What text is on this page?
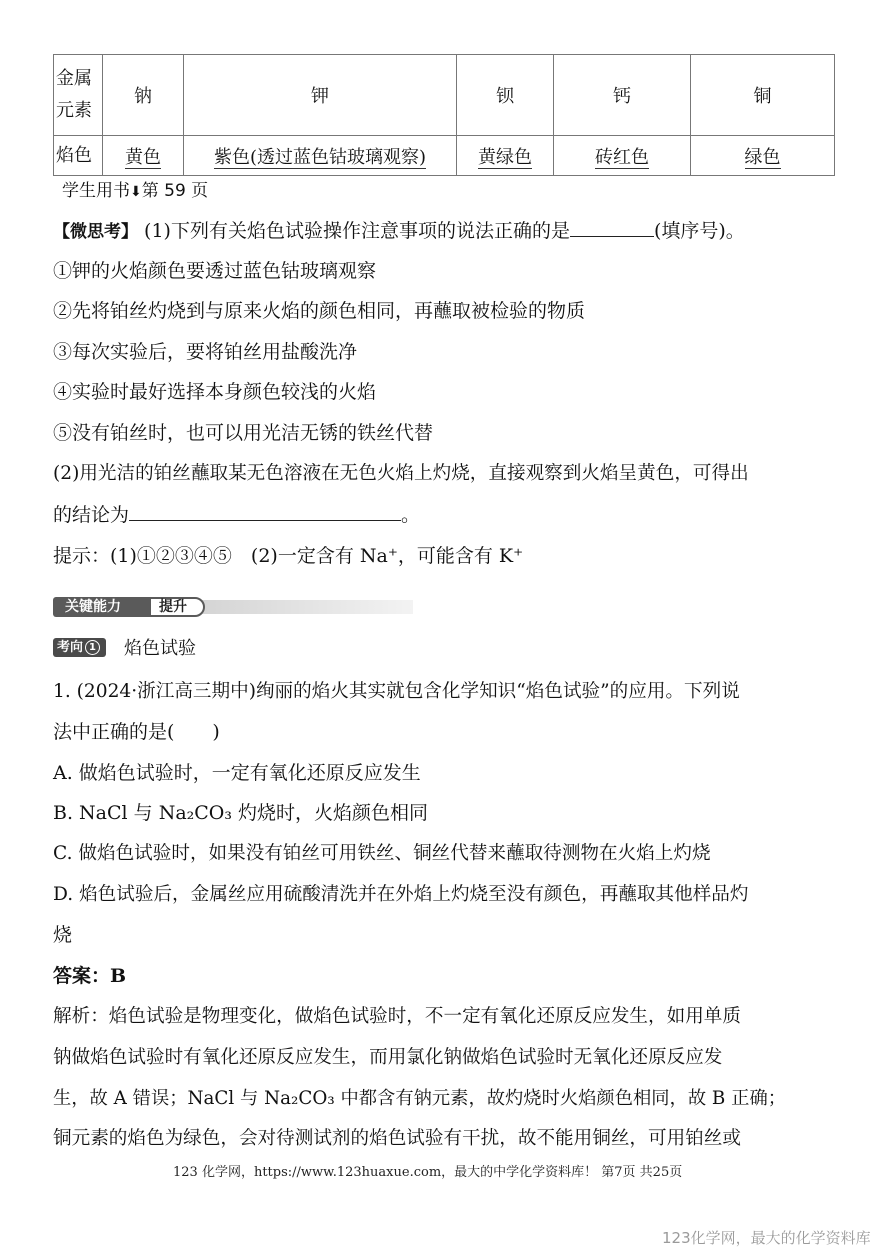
金属元素	钠	钾	钡	钙	铜
焰色	黄色	紫色(透过蓝色钴玻璃观察)	黄绿色	砖红色	绿色
学生用书⬇第 59 页
【微思考】 (1)下列有关焰色试验操作注意事项的说法正确的是	(填序号)。
①钾的火焰颜色要透过蓝色钴玻璃观察
②先将铂丝灼烧到与原来火焰的颜色相同，再蘸取被检验的物质
③每次实验后，要将铂丝用盐酸洗净
④实验时最好选择本身颜色较浅的火焰
⑤没有铂丝时，也可以用光洁无锈的铁丝代替
(2)用光洁的铂丝蘸取某无色溶液在无色火焰上灼烧，直接观察到火焰呈黄色，可得出
的结论为	。
提示：(1)①②③④⑤　(2)一定含有 Na⁺，可能含有 K⁺
关键能力	提升
考向 1	焰色试验
1. (2024·浙江高三期中)绚丽的焰火其实就包含化学知识“焰色试验”的应用。下列说
法中正确的是(　　)
A. 做焰色试验时，一定有氧化还原反应发生
B. NaCl 与 Na₂CO₃ 灼烧时，火焰颜色相同
C. 做焰色试验时，如果没有铂丝可用铁丝、铜丝代替来蘸取待测物在火焰上灼烧
D. 焰色试验后，金属丝应用硫酸清洗并在外焰上灼烧至没有颜色，再蘸取其他样品灼
烧
答案：B
解析：焰色试验是物理变化，做焰色试验时，不一定有氧化还原反应发生，如用单质
钠做焰色试验时有氧化还原反应发生，而用氯化钠做焰色试验时无氧化还原反应发
生，故 A 错误；NaCl 与 Na₂CO₃ 中都含有钠元素，故灼烧时火焰颜色相同，故 B 正确；
铜元素的焰色为绿色，会对待测试剂的焰色试验有干扰，故不能用铜丝，可用铂丝或
123 化学网，https://www.123huaxue.com，最大的中学化学资料库！ 第7页 共25页
123化学网，最大的化学资料库
